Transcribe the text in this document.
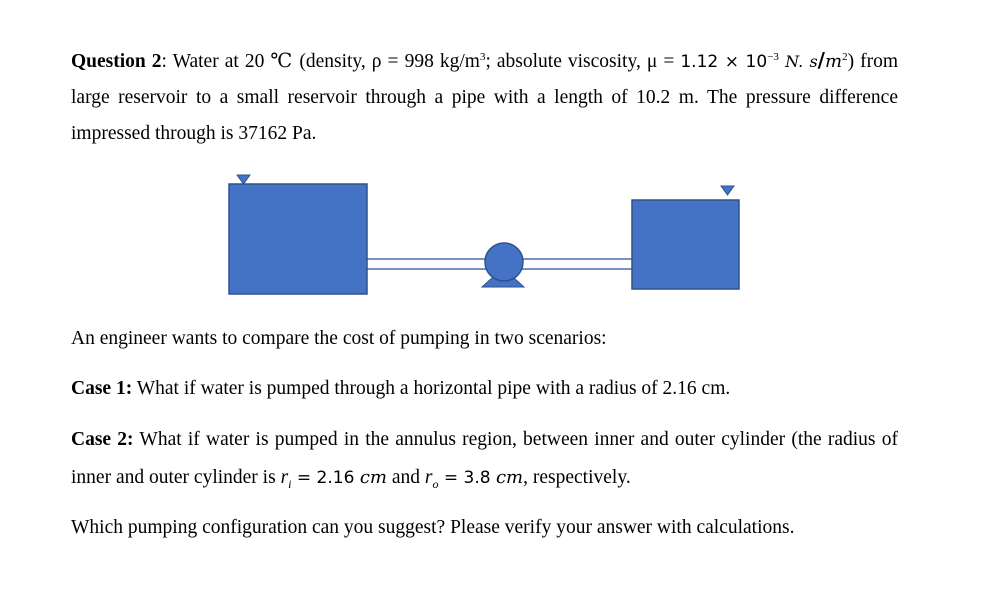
Question 2: Water at 20 ℃ (density, ρ = 998 $kg/m^3$; absolute viscosity, $\mu = 1.12 \times 10^{-3}$ N. $s/m^2$) from large reservoir to a small reservoir through a pipe with a length of 10.2 m. The pressure difference impressed through is 37162 Pa.
An engineer wants to compare the cost of pumping in two scenarios:
Case 1: What if water is pumped through a horizontal pipe with a radius of 2.16 cm.
Case 2: What if water is pumped in the annulus region, between inner and outer cylinder (the radius of inner and outer cylinder is $r_i = 2.16$ cm and $r_o = 3.8$ cm, respectively.
Which pumping configuration can you suggest? Please verify your answer with calculations.
